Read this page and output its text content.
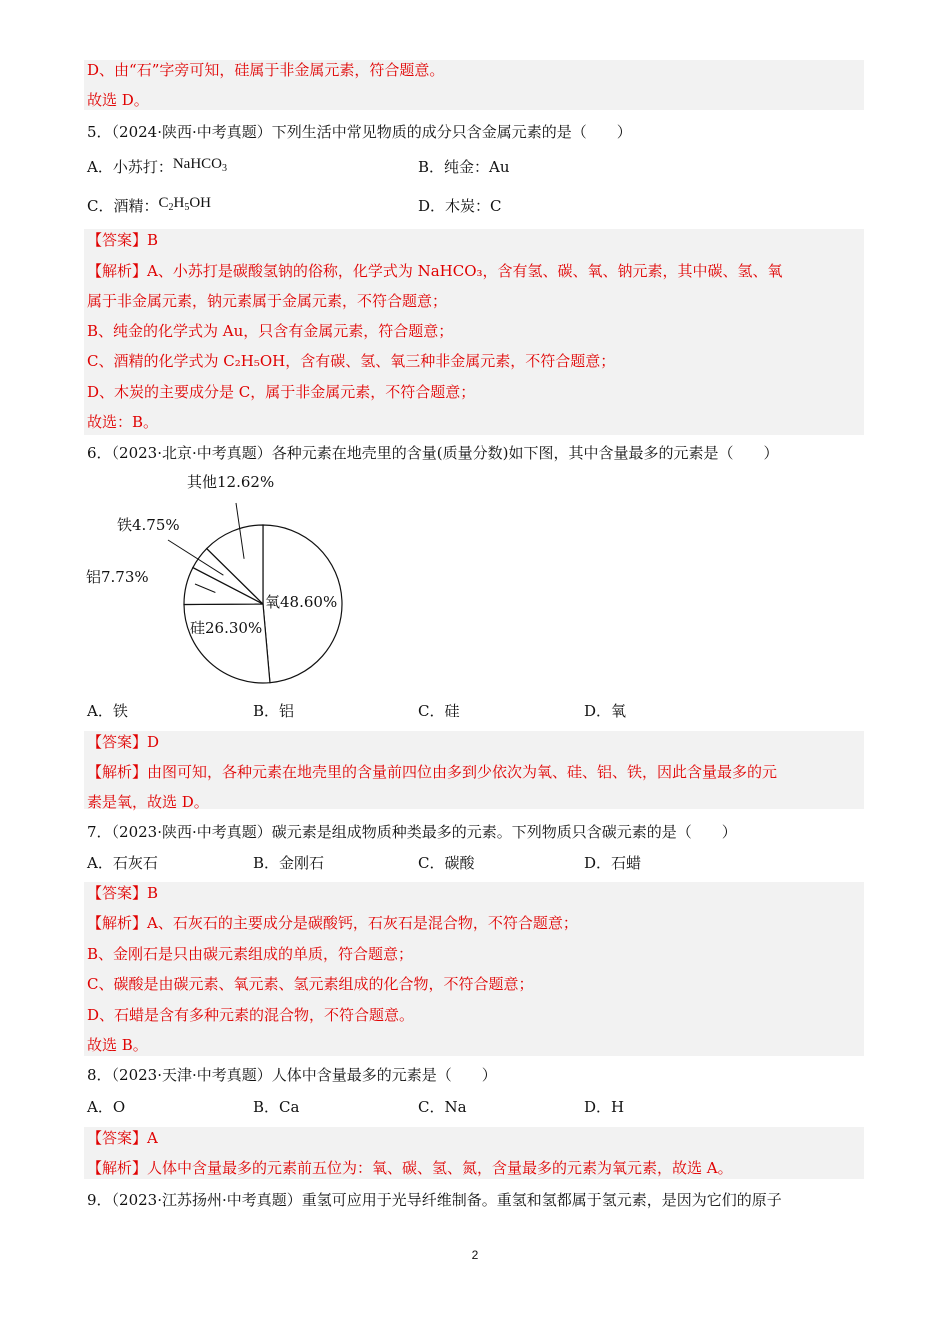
D、由“石”字旁可知，硅属于非金属元素，符合题意。
故选 D。
5．（2024·陕西·中考真题）下列生活中常见物质的成分只含金属元素的是（　　）
A．小苏打：NaHCO$_3$	B．纯金：Au
C．酒精：$C_2H_5OH$	D．木炭：C
【答案】B
【解析】A、小苏打是碳酸氢钠的俗称，化学式为 NaHCO₃，含有氢、碳、氧、钠元素，其中碳、氢、氧
属于非金属元素，钠元素属于金属元素，不符合题意；
B、纯金的化学式为 Au，只含有金属元素，符合题意；
C、酒精的化学式为 C₂H₅OH，含有碳、氢、氧三种非金属元素，不符合题意；
D、木炭的主要成分是 C，属于非金属元素，不符合题意；
故选：B。
6．（2023·北京·中考真题）各种元素在地壳里的含量(质量分数)如下图，其中含量最多的元素是（　　）
氧48.60%
硅26.30%
铝7.73%
铁4.75%
其他12.62%
A．铁	B．铝	C．硅	D．氧
【答案】D
【解析】由图可知，各种元素在地壳里的含量前四位由多到少依次为氧、硅、铝、铁，因此含量最多的元
素是氧，故选 D。
7．（2023·陕西·中考真题）碳元素是组成物质种类最多的元素。下列物质只含碳元素的是（　　）
A．石灰石	B．金刚石	C．碳酸	D．石蜡
【答案】B
【解析】A、石灰石的主要成分是碳酸钙，石灰石是混合物，不符合题意；
B、金刚石是只由碳元素组成的单质，符合题意；
C、碳酸是由碳元素、氧元素、氢元素组成的化合物，不符合题意；
D、石蜡是含有多种元素的混合物，不符合题意。
故选 B。
8．（2023·天津·中考真题）人体中含量最多的元素是（　　）
A．O	B．Ca	C．Na	D．H
【答案】A
【解析】人体中含量最多的元素前五位为：氧、碳、氢、氮，含量最多的元素为氧元素，故选 A。
9．（2023·江苏扬州·中考真题）重氢可应用于光导纤维制备。重氢和氢都属于氢元素，是因为它们的原子
2
